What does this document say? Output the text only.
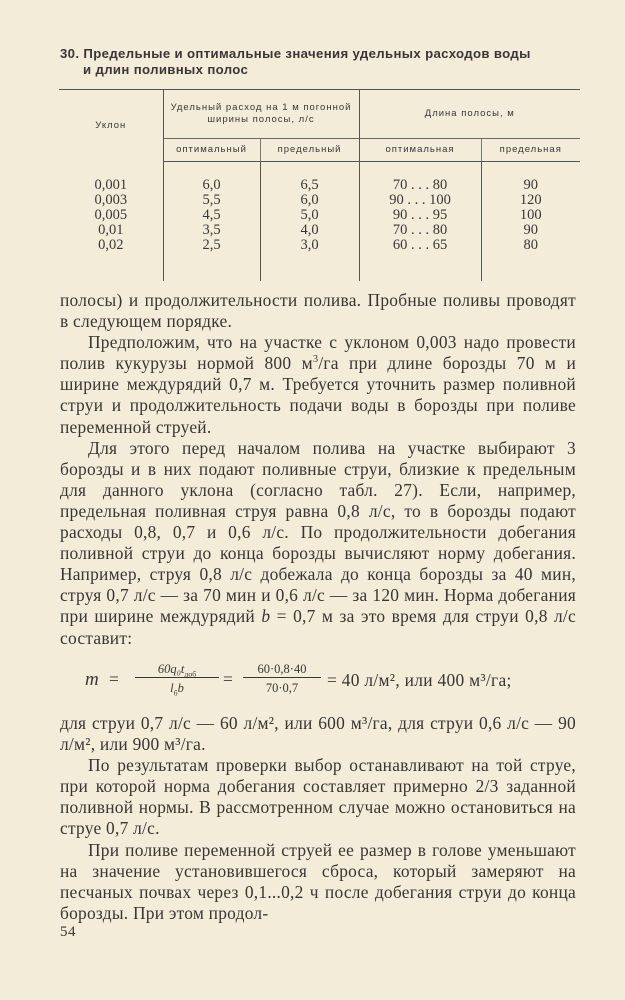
30. Предельные и оптимальные значения удельных расходов воды
и длин поливных полос
Уклон	Удельный расход на 1 м погонной ширины полосы, л/с		Длина полосы, м	
	оптимальный	предельный	оптимальная	предельная

0,001	6,0	6,5	70 . . . 80	90
0,003	5,5	6,0	90 . . . 100	120
0,005	4,5	5,0	90 . . . 95	100
0,01	3,5	4,0	70 . . . 80	90
0,02	2,5	3,0	60 . . . 65	80

полосы) и продолжительности полива. Пробные поливы проводят в следующем порядке.

Предположим, что на участке с уклоном 0,003 надо провести полив кукурузы нормой 800 $м^3/га$ при длине борозды 70 м и ширине междурядий 0,7 м. Требуется уточнить размер поливной струи и продолжительность подачи воды в борозды при поливе переменной струей.

Для этого перед началом полива на участке выбирают 3 борозды и в них подают поливные струи, близкие к предельным для данного уклона (согласно табл. 27). Если, например, предельная поливная струя равна 0,8 л/с, то в борозды подают расходы 0,8, 0,7 и 0,6 л/с. По продолжительности добегания поливной струи до конца борозды вычисляют норму добегания. Например, струя 0,8 л/с добежала до конца борозды за 40 мин, струя 0,7 л/с — за 70 мин и 0,6 л/с — за 120 мин. Норма добегания при ширине междурядий b = 0,7 м за это время для струи 0,8 л/с составит:

m =	$60q_0t_{доб}$
$l_бb$	= $\frac{60\cdot 0,8\cdot 40}{70\cdot 0,7} = 40$ л/м², или 400 м³/га;

для струи 0,7 л/с — 60 л/м², или 600 м³/га, для струи 0,6 л/с — 90 л/м², или 900 м³/га.

По результатам проверки выбор останавливают на той струе, при которой норма добегания составляет примерно 2/3 заданной поливной нормы. В рассмотренном случае можно остановиться на струе 0,7 л/с.

При поливе переменной струей ее размер в голове уменьшают на значение установившегося сброса, который замеряют на песчаных почвах через 0,1...0,2 ч после добегания струи до конца борозды. При этом продол-

54
